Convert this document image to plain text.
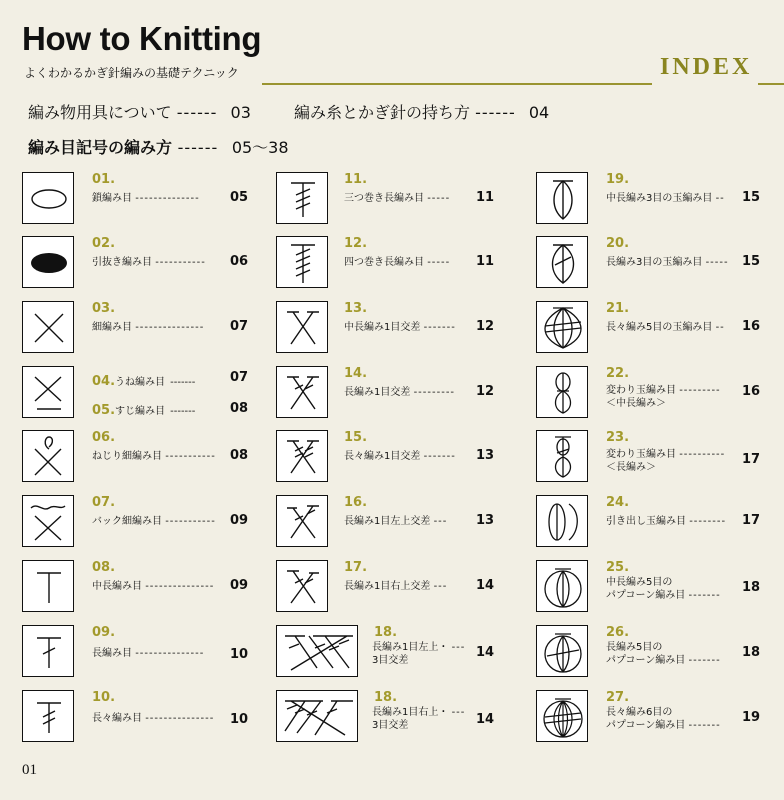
How to Knitting
よくわかるかぎ針編みの基礎テクニック	INDEX
編み物用具について ------ 03	編み糸とかぎ針の持ち方 ------ 04
編み目記号の編み方 ------ 05〜38
01.
鎖編み目 -------------- 05
02.
引抜き編み目 ----------- 06
03.
細編み目 --------------- 07
04.うね編み目 -------	07
05.すじ編み目 -------	08
06.
ねじり細編み目 ----------- 08
07.
バック細編み目 ----------- 09
08.
中長編み目 --------------- 09
09.
長編み目 --------------- 10
10.
長々編み目 --------------- 10
11.
三つ巻き長編み目 ----- 11
12.
四つ巻き長編み目 ----- 11
13.
中長編み1目交差 ------- 12
14.
長編み1目交差 --------- 12
15.
長々編み1目交差 ------- 13
16.
長編み1目左上交差 --- 13
17.
長編み1目右上交差 --- 14
18.
長編み1目左上・ ---
3目交差
14
18.
長編み1目右上・ ---
3目交差	14
19.
中長編み3目の玉編み目 -- 15
20.
長編み3目の玉編み目 ----- 15
21.
長々編み5目の玉編み目 -- 16
22.
変わり玉編み目 ---------
＜中長編み＞
16
23.
変わり玉編み目 ----------
＜長編み＞
17
24.
引き出し玉編み目 -------- 17
25.
中長編み5目の
パプコーン編み目 -------
18
26.
長編み5目の
パプコーン編み目 -------
18
27.
長々編み6目の
パプコーン編み目 -------
19
01
